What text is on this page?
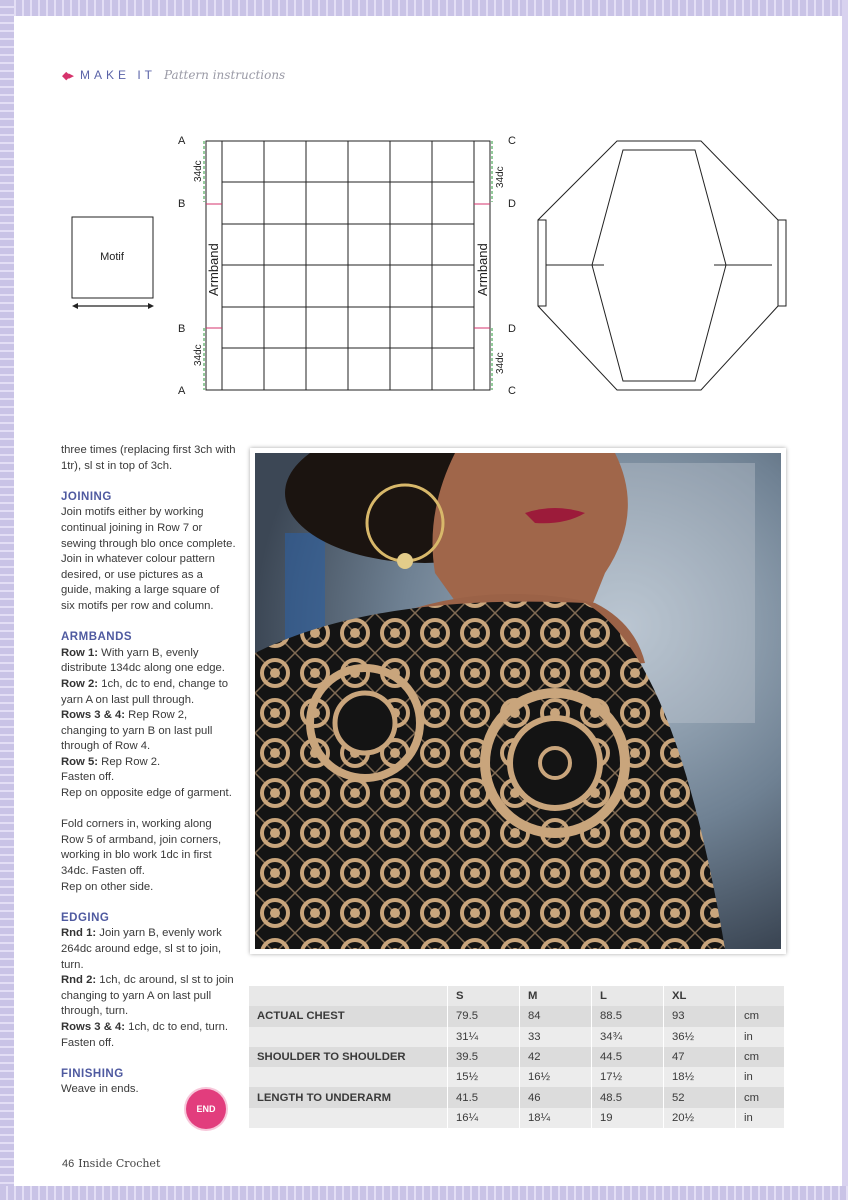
◆▸ MAKE IT Pattern instructions
Motif	Armband
34dc
34dc
A
B
B
A
Armband
34dc
34dc
C
D
D
C

three times (replacing first 3ch with 1tr), sl st in top of 3ch.

JOINING

Join motifs either by working continual joining in Row 7 or sewing through blo once complete.

Join in whatever colour pattern desired, or use pictures as a guide, making a large square of six motifs per row and column.

ARMBANDS

Row 1: With yarn B, evenly distribute 134dc along one edge.

Row 2: 1ch, dc to end, change to yarn A on last pull through.

Rows 3 & 4: Rep Row 2, changing to yarn B on last pull through of Row 4.

Row 5: Rep Row 2.

Fasten off.

Rep on opposite edge of garment.

Fold corners in, working along Row 5 of armband, join corners, working in blo work 1dc in first 34dc. Fasten off.

Rep on other side.

EDGING

Rnd 1: Join yarn B, evenly work 264dc around edge, sl st to join, turn.

Rnd 2: 1ch, dc around, sl st to join changing to yarn A on last pull through, turn.

Rows 3 & 4: 1ch, dc to end, turn.

Fasten off.

FINISHING

Weave in ends.

END
	S	M	L	XL	
ACTUAL CHEST	79.5	84	88.5	93	cm
	31¼	33	34¾	36½	in
SHOULDER TO SHOULDER	39.5	42	44.5	47	cm
	15½	16½	17½	18½	in
LENGTH TO UNDERARM	41.5	46	48.5	52	cm
	16¼	18¼	19	20½	in
46 Inside Crochet
